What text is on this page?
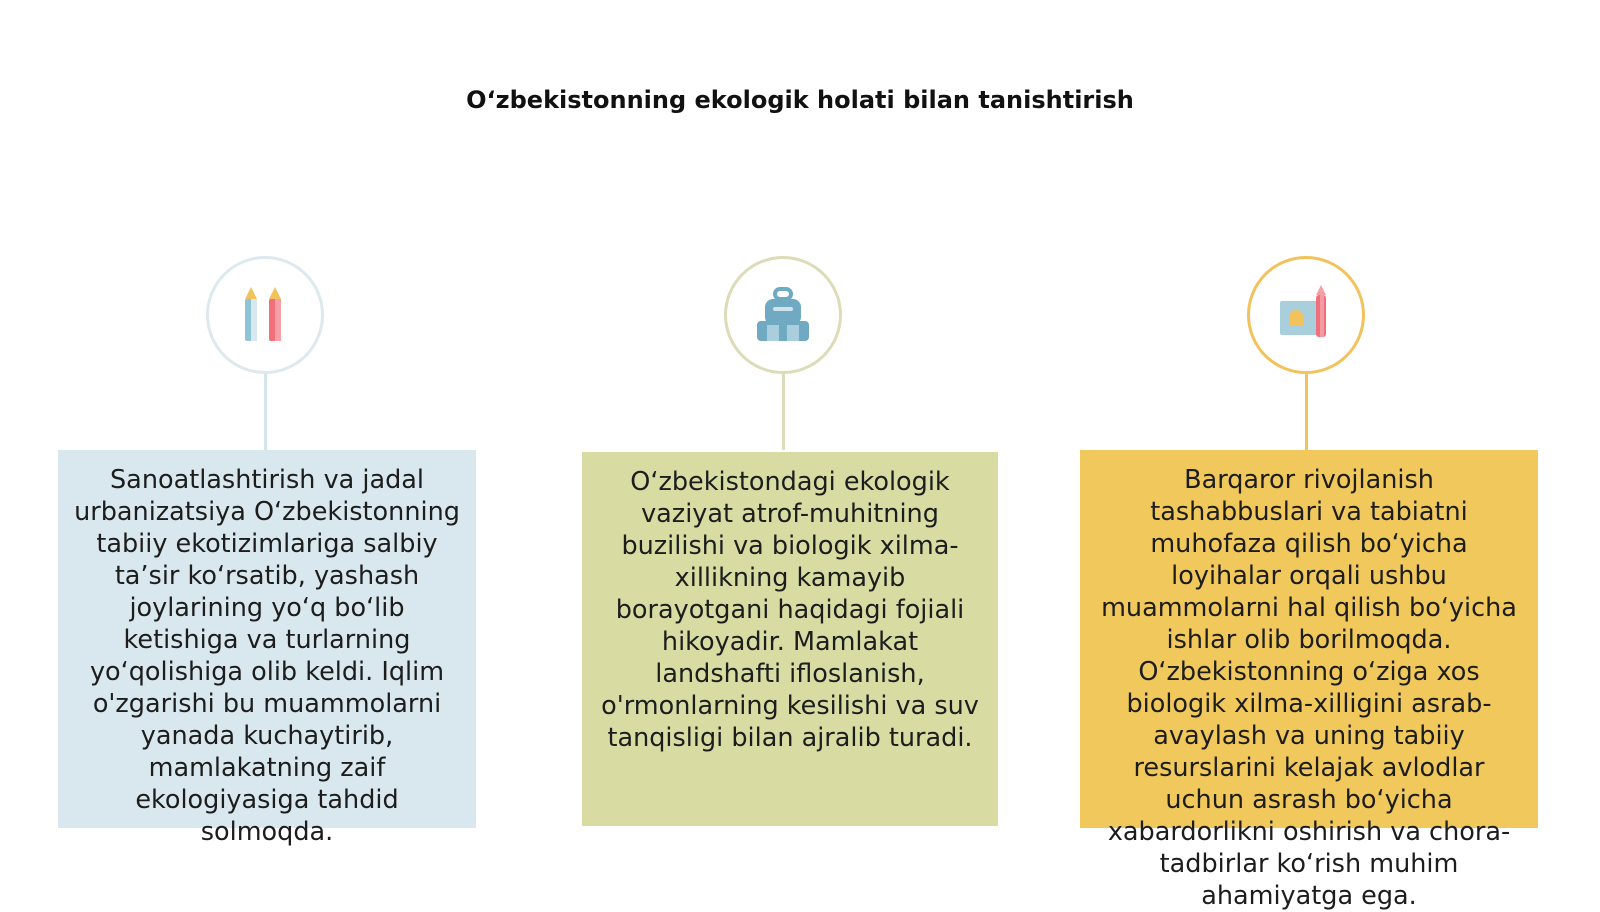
O‘zbekistonning ekologik holati bilan tanishtirish
Sanoatlashtirish va jadal urbanizatsiya O‘zbekistonning tabiiy ekotizimlariga salbiy ta’sir ko‘rsatib, yashash joylarining yo‘q bo‘lib ketishiga va turlarning yo‘qolishiga olib keldi. Iqlim o'zgarishi bu muammolarni yanada kuchaytirib, mamlakatning zaif ekologiyasiga tahdid solmoqda.
O‘zbekistondagi ekologik vaziyat atrof-muhitning buzilishi va biologik xilma-xillikning kamayib borayotgani haqidagi fojiali hikoyadir. Mamlakat landshafti ifloslanish, o'rmonlarning kesilishi va suv tanqisligi bilan ajralib turadi.
Barqaror rivojlanish tashabbuslari va tabiatni muhofaza qilish bo‘yicha loyihalar orqali ushbu muammolarni hal qilish bo‘yicha ishlar olib borilmoqda. O‘zbekistonning o‘ziga xos biologik xilma-xilligini asrab-avaylash va uning tabiiy resurslarini kelajak avlodlar uchun asrash bo‘yicha xabardorlikni oshirish va chora-tadbirlar ko‘rish muhim ahamiyatga ega.
